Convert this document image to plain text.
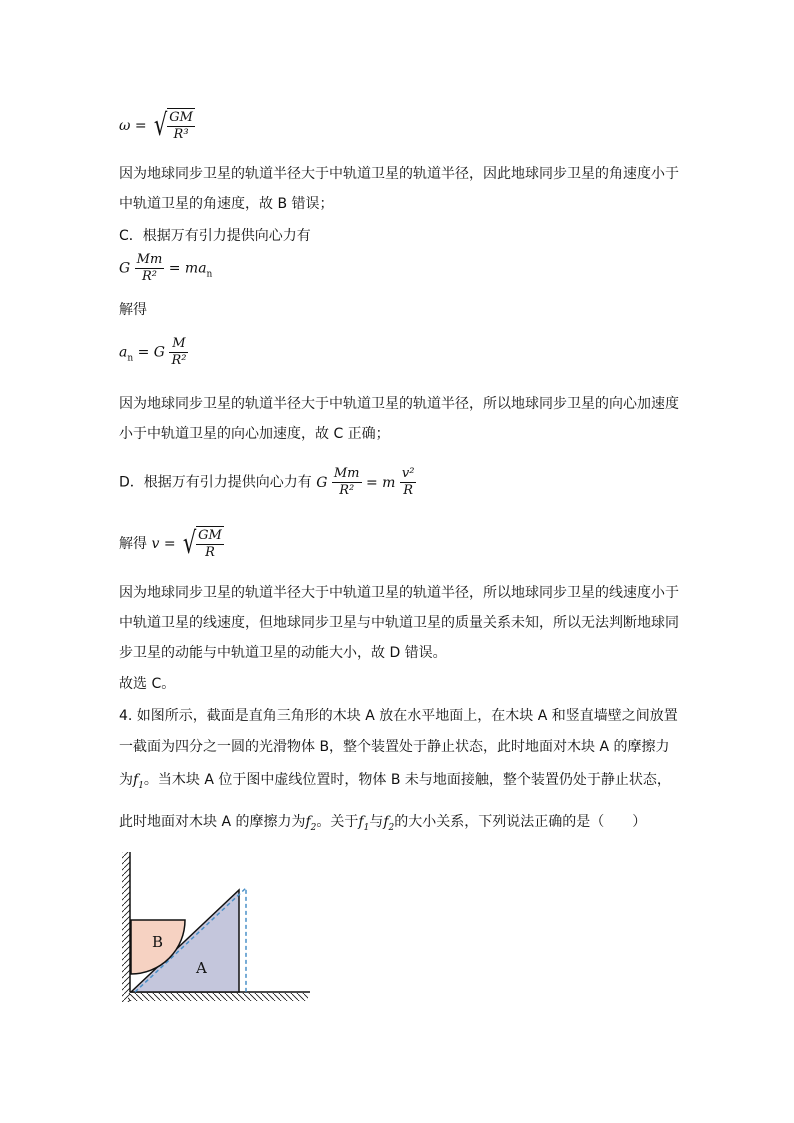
ω = √ $\frac{GM}{\text{R³}}$
因为地球同步卫星的轨道半径大于中轨道卫星的轨道半径，因此地球同步卫星的角速度小于
中轨道卫星的角速度，故 B 错误；
C．根据万有引力提供向心力有
G $\frac{Mm}{\text{R²}} = ma_n$
解得
$a_n = G \frac{M}{\text{R²}}$
因为地球同步卫星的轨道半径大于中轨道卫星的轨道半径，所以地球同步卫星的向心加速度
小于中轨道卫星的向心加速度，故 C 正确；
D．根据万有引力提供向心力有 G $\frac{Mm}{\text{R²}} = m \frac{\text{v²}}{R}$
解得 v = √ $\frac{GM}{R}$
因为地球同步卫星的轨道半径大于中轨道卫星的轨道半径，所以地球同步卫星的线速度小于
中轨道卫星的线速度，但地球同步卫星与中轨道卫星的质量关系未知，所以无法判断地球同
步卫星的动能与中轨道卫星的动能大小，故 D 错误。
故选 C。
4. 如图所示，截面是直角三角形的木块 A 放在水平地面上，在木块 A 和竖直墙壁之间放置
一截面为四分之一圆的光滑物体 B，整个装置处于静止状态，此时地面对木块 A 的摩擦力
为$f_1$。当木块 A 位于图中虚线位置时，物体 B 未与地面接触，整个装置仍处于静止状态，
此时地面对木块 A 的摩擦力为$f_2$。关于$f_1$与$f_2$的大小关系，下列说法正确的是（　　）
B
A
